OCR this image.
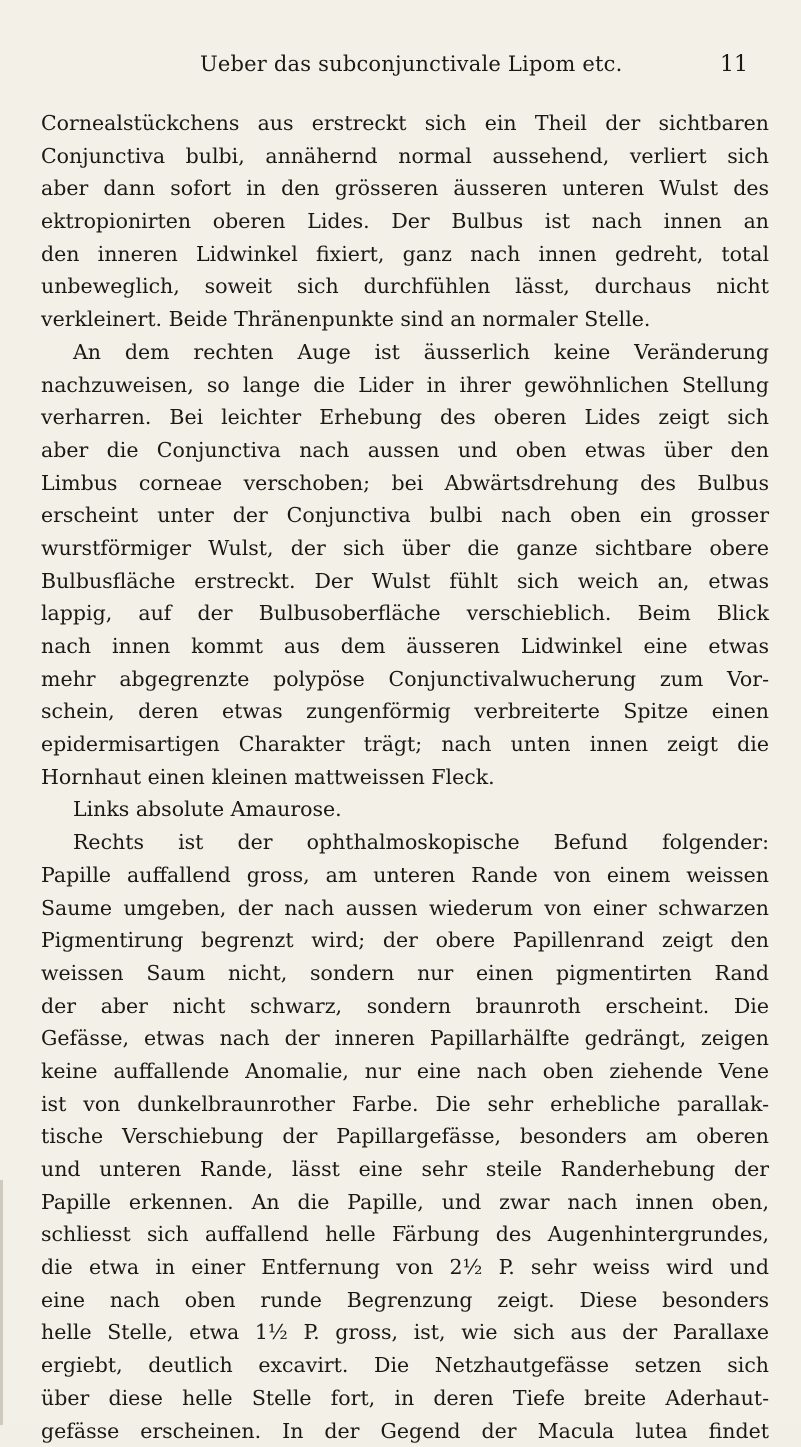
Ueber das subconjunctivale Lipom etc.	11
Cornealstückchens aus erstreckt sich ein Theil der sichtbaren
Conjunctiva bulbi, annähernd normal aussehend, verliert sich
aber dann sofort in den grösseren äusseren unteren Wulst des
ektropionirten oberen Lides. Der Bulbus ist nach innen an
den inneren Lidwinkel fixiert, ganz nach innen gedreht, total
unbeweglich, soweit sich durchfühlen lässt, durchaus nicht
verkleinert. Beide Thränenpunkte sind an normaler Stelle.
An dem rechten Auge ist äusserlich keine Veränderung
nachzuweisen, so lange die Lider in ihrer gewöhnlichen Stellung
verharren. Bei leichter Erhebung des oberen Lides zeigt sich
aber die Conjunctiva nach aussen und oben etwas über den
Limbus corneae verschoben; bei Abwärtsdrehung des Bulbus
erscheint unter der Conjunctiva bulbi nach oben ein grosser
wurstförmiger Wulst, der sich über die ganze sichtbare obere
Bulbusfläche erstreckt. Der Wulst fühlt sich weich an, etwas
lappig, auf der Bulbusoberfläche verschieblich. Beim Blick
nach innen kommt aus dem äusseren Lidwinkel eine etwas
mehr abgegrenzte polypöse Conjunctivalwucherung zum Vor-
schein, deren etwas zungenförmig verbreiterte Spitze einen
epidermisartigen Charakter trägt; nach unten innen zeigt die
Hornhaut einen kleinen mattweissen Fleck.
Links absolute Amaurose.
Rechts ist der ophthalmoskopische Befund folgender:
Papille auffallend gross, am unteren Rande von einem weissen
Saume umgeben, der nach aussen wiederum von einer schwarzen
Pigmentirung begrenzt wird; der obere Papillenrand zeigt den
weissen Saum nicht, sondern nur einen pigmentirten Rand
der aber nicht schwarz, sondern braunroth erscheint. Die
Gefässe, etwas nach der inneren Papillarhälfte gedrängt, zeigen
keine auffallende Anomalie, nur eine nach oben ziehende Vene
ist von dunkelbraunrother Farbe. Die sehr erhebliche parallak-
tische Verschiebung der Papillargefässe, besonders am oberen
und unteren Rande, lässt eine sehr steile Randerhebung der
Papille erkennen. An die Papille, und zwar nach innen oben,
schliesst sich auffallend helle Färbung des Augenhintergrundes,
die etwa in einer Entfernung von 2½ P. sehr weiss wird und
eine nach oben runde Begrenzung zeigt. Diese besonders
helle Stelle, etwa 1½ P. gross, ist, wie sich aus der Parallaxe
ergiebt, deutlich excavirt. Die Netzhautgefässe setzen sich
über diese helle Stelle fort, in deren Tiefe breite Aderhaut-
gefässe erscheinen. In der Gegend der Macula lutea findet
